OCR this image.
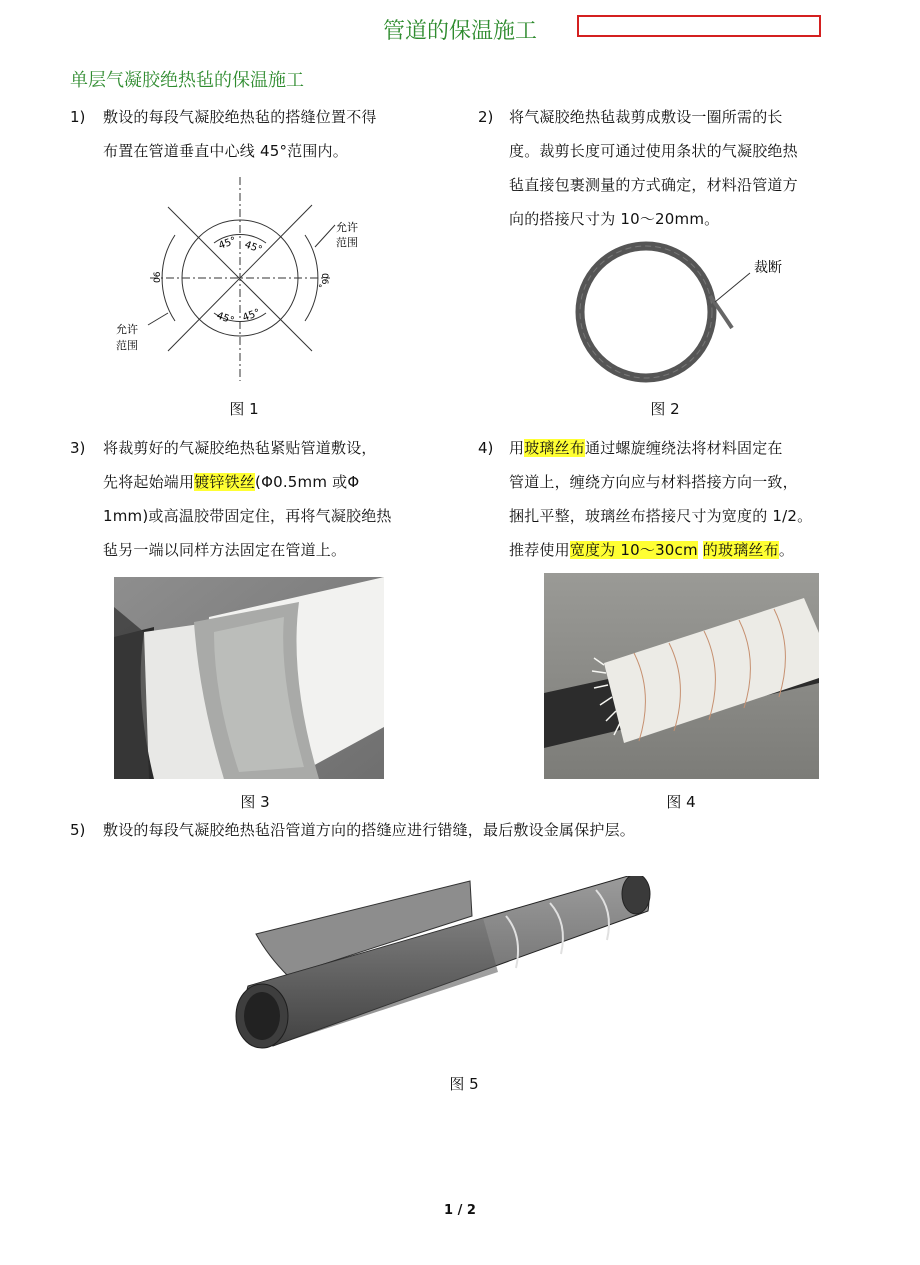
管道的保温施工
单层气凝胶绝热毡的保温施工
1) 敷设的每段气凝胶绝热毡的搭缝位置不得
布置在管道垂直中心线 45°范围内。
2) 将气凝胶绝热毡裁剪成敷设一圈所需的长
度。裁剪长度可通过使用条状的气凝胶绝热
毡直接包裹测量的方式确定，材料沿管道方
向的搭接尺寸为 10～20mm。
45° 45°
45° 45°
06	06
°
允许
范围
允许
范围
图 1
裁断
图 2
3) 将裁剪好的气凝胶绝热毡紧贴管道敷设，
先将起始端用镀锌铁丝(Φ0.5mm 或Φ
1mm)或高温胶带固定住，再将气凝胶绝热
毡另一端以同样方法固定在管道上。
4) 用玻璃丝布通过螺旋缠绕法将材料固定在
管道上，缠绕方向应与材料搭接方向一致，
捆扎平整，玻璃丝布搭接尺寸为宽度的 1/2。
推荐使用宽度为 10～30cm 的玻璃丝布。
图 3	图 4
5) 敷设的每段气凝胶绝热毡沿管道方向的搭缝应进行错缝，最后敷设金属保护层。
图 5
1 / 2
